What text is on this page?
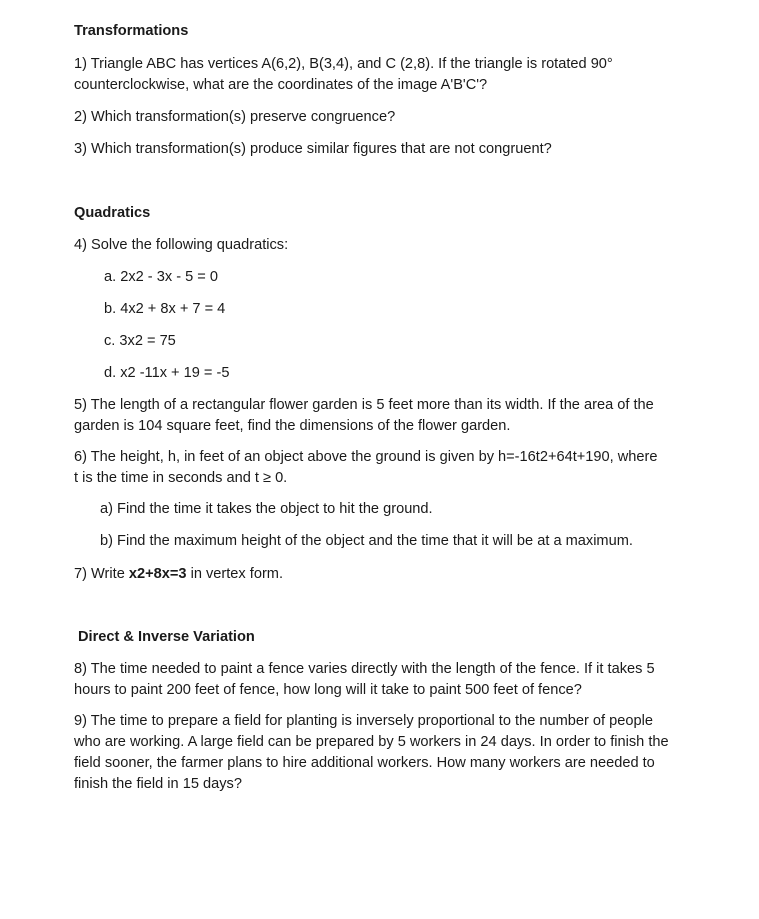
Transformations

1) Triangle ABC has vertices A(6,2), B(3,4), and C (2,8). If the triangle is rotated 90° counterclockwise, what are the coordinates of the image A'B'C'?

2) Which transformation(s) preserve congruence?

3) Which transformation(s) produce similar figures that are not congruent?

Quadratics

4) Solve the following quadratics:

a. 2x2 - 3x - 5 = 0

b. 4x2 + 8x + 7 = 4

c. 3x2 = 75

d. x2 -11x + 19 = -5

5) The length of a rectangular flower garden is 5 feet more than its width. If the area of the garden is 104 square feet, find the dimensions of the flower garden.

6) The height, h, in feet of an object above the ground is given by h=-16t2+64t+190, where t is the time in seconds and t ≥ 0.

a) Find the time it takes the object to hit the ground.

b) Find the maximum height of the object and the time that it will be at a maximum.

7) Write x2+8x=3 in vertex form.

Direct & Inverse Variation

8) The time needed to paint a fence varies directly with the length of the fence. If it takes 5 hours to paint 200 feet of fence, how long will it take to paint 500 feet of fence?

9) The time to prepare a field for planting is inversely proportional to the number of people who are working. A large field can be prepared by 5 workers in 24 days. In order to finish the field sooner, the farmer plans to hire additional workers. How many workers are needed to finish the field in 15 days?
